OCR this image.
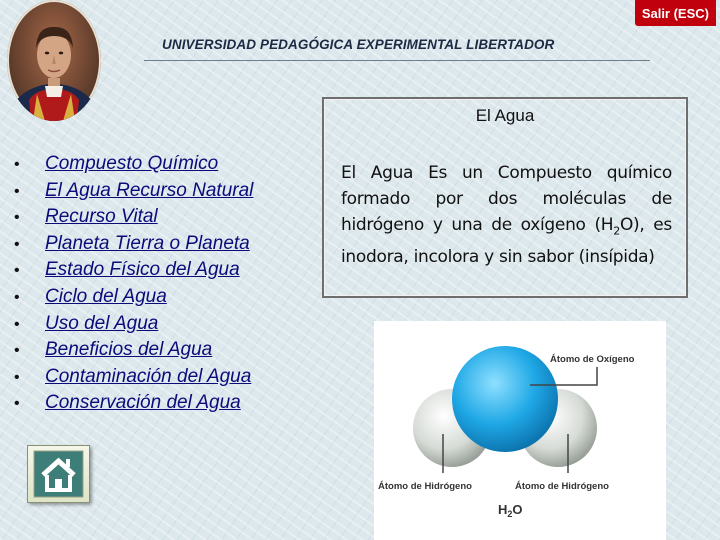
Salir (ESC)
UNIVERSIDAD PEDAGÓGICA EXPERIMENTAL LIBERTADOR
•	Compuesto Químico
•	El Agua Recurso Natural
•	Recurso Vital
•	Planeta Tierra o Planeta
•	Estado Físico del Agua
•	Ciclo del Agua
•	Uso del Agua
•	Beneficios del Agua
•	Contaminación del Agua
•	Conservación del Agua
El Agua

El Agua Es un Compuesto químico formado por dos moléculas de hidrógeno y una de oxígeno $(H_2O)$, es inodora, incolora y sin sabor (insípida)

Átomo de Oxígeno
Átomo de Hidrógeno	Átomo de Hidrógeno
H2O
